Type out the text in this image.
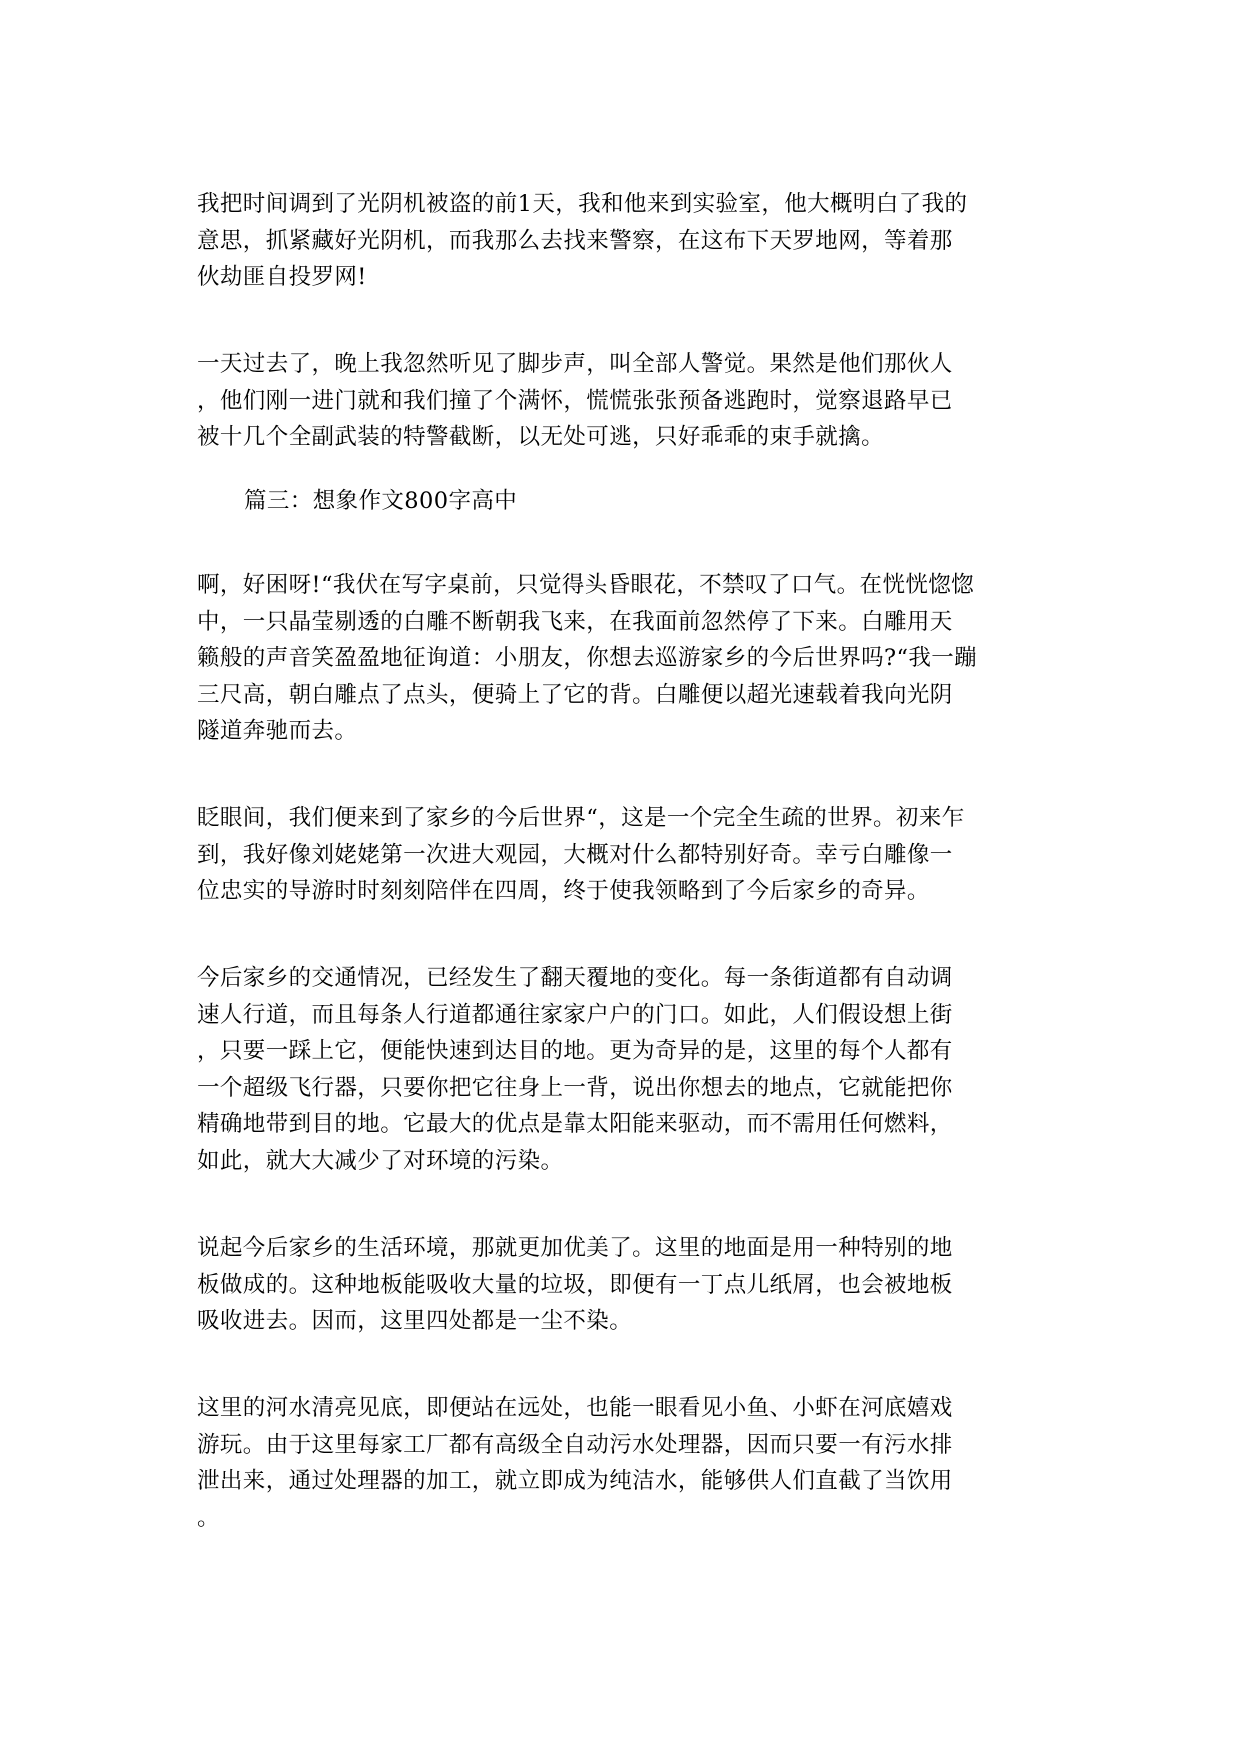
我把时间调到了光阴机被盗的前1天，我和他来到实验室，他大概明白了我的
意思，抓紧藏好光阴机，而我那么去找来警察，在这布下天罗地网，等着那
伙劫匪自投罗网!

一天过去了，晚上我忽然听见了脚步声，叫全部人警觉。果然是他们那伙人
，他们刚一进门就和我们撞了个满怀，慌慌张张预备逃跑时，觉察退路早已
被十几个全副武装的特警截断，以无处可逃，只好乖乖的束手就擒。

篇三：想象作文800字高中

啊，好困呀!“我伏在写字桌前，只觉得头昏眼花，不禁叹了口气。在恍恍惚惚
中，一只晶莹剔透的白雕不断朝我飞来，在我面前忽然停了下来。白雕用天
籁般的声音笑盈盈地征询道：小朋友，你想去巡游家乡的今后世界吗?“我一蹦
三尺高，朝白雕点了点头，便骑上了它的背。白雕便以超光速载着我向光阴
隧道奔驰而去。

眨眼间，我们便来到了家乡的今后世界“，这是一个完全生疏的世界。初来乍
到，我好像刘姥姥第一次进大观园，大概对什么都特别好奇。幸亏白雕像一
位忠实的导游时时刻刻陪伴在四周，终于使我领略到了今后家乡的奇异。

今后家乡的交通情况，已经发生了翻天覆地的变化。每一条街道都有自动调
速人行道，而且每条人行道都通往家家户户的门口。如此，人们假设想上街
，只要一踩上它，便能快速到达目的地。更为奇异的是，这里的每个人都有
一个超级飞行器，只要你把它往身上一背，说出你想去的地点，它就能把你
精确地带到目的地。它最大的优点是靠太阳能来驱动，而不需用任何燃料，
如此，就大大减少了对环境的污染。

说起今后家乡的生活环境，那就更加优美了。这里的地面是用一种特别的地
板做成的。这种地板能吸收大量的垃圾，即便有一丁点儿纸屑，也会被地板
吸收进去。因而，这里四处都是一尘不染。

这里的河水清亮见底，即便站在远处，也能一眼看见小鱼、小虾在河底嬉戏
游玩。由于这里每家工厂都有高级全自动污水处理器，因而只要一有污水排
泄出来，通过处理器的加工，就立即成为纯洁水，能够供人们直截了当饮用
。
